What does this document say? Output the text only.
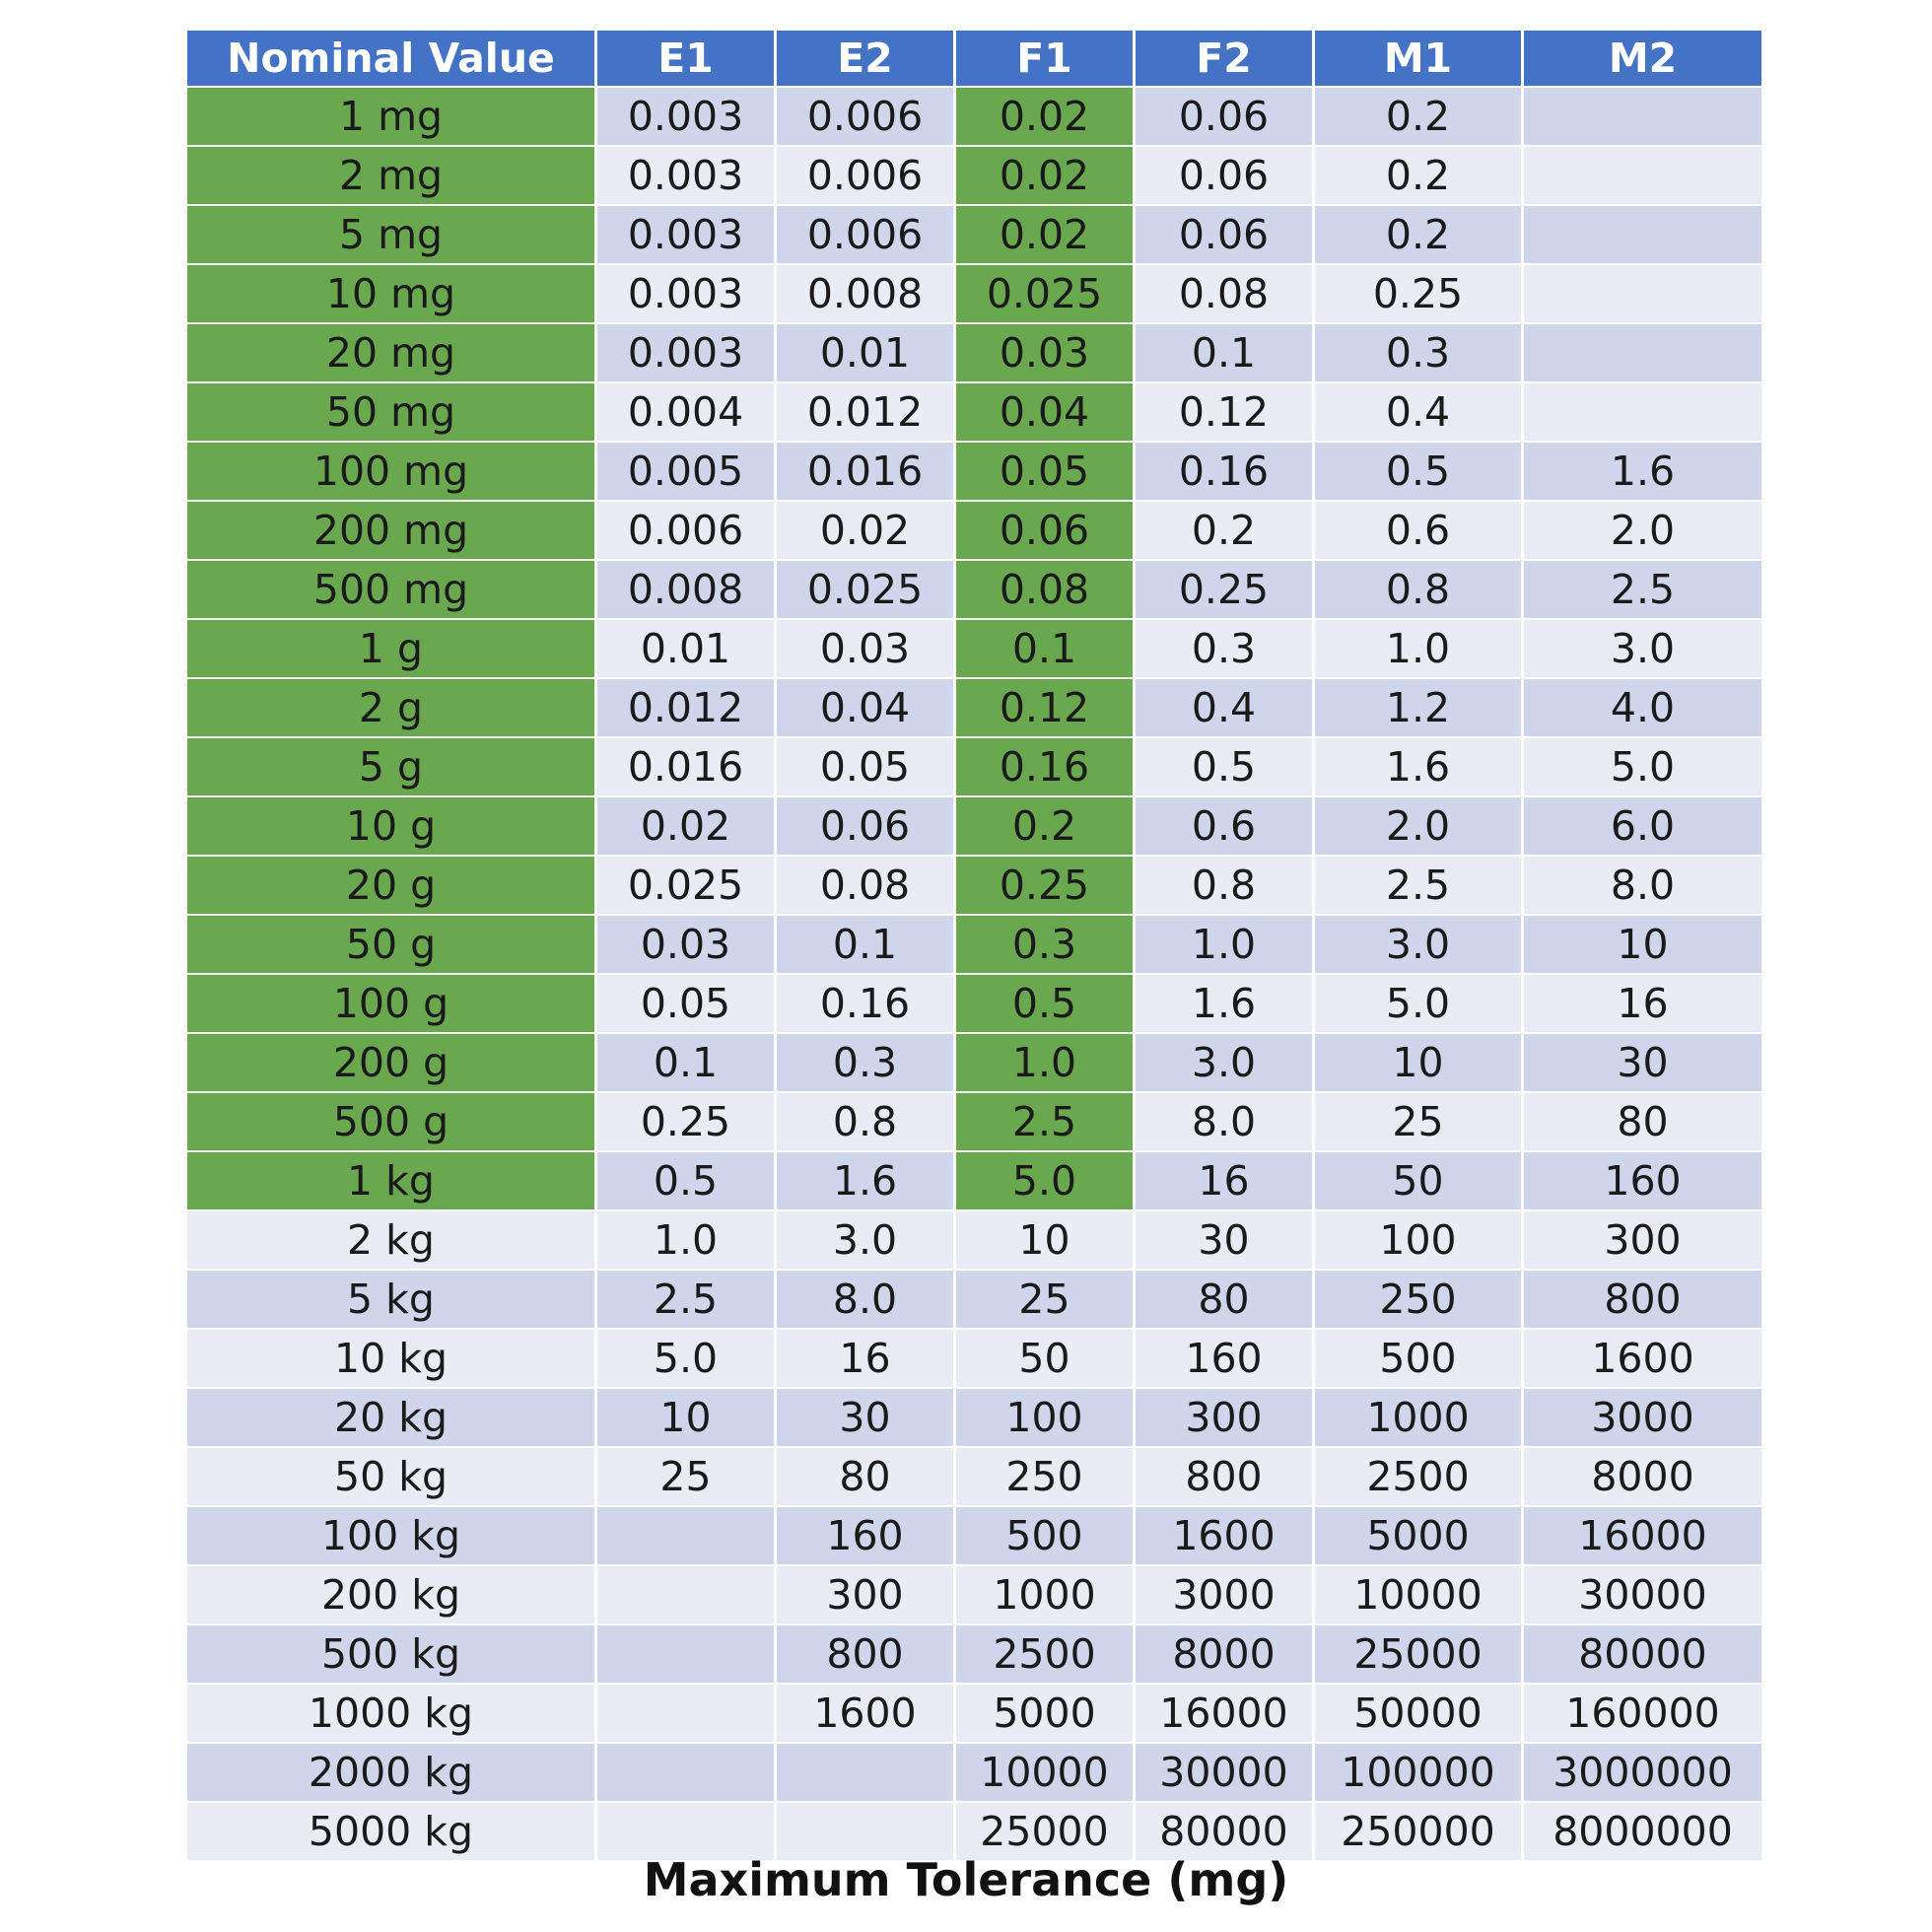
Nominal Value	E1	E2	F1	F2	M1	M2
1 mg	0.003	0.006	0.02	0.06	0.2	
2 mg	0.003	0.006	0.02	0.06	0.2	
5 mg	0.003	0.006	0.02	0.06	0.2	
10 mg	0.003	0.008	0.025	0.08	0.25	
20 mg	0.003	0.01	0.03	0.1	0.3	
50 mg	0.004	0.012	0.04	0.12	0.4	
100 mg	0.005	0.016	0.05	0.16	0.5	1.6
200 mg	0.006	0.02	0.06	0.2	0.6	2.0
500 mg	0.008	0.025	0.08	0.25	0.8	2.5
1 g	0.01	0.03	0.1	0.3	1.0	3.0
2 g	0.012	0.04	0.12	0.4	1.2	4.0
5 g	0.016	0.05	0.16	0.5	1.6	5.0
10 g	0.02	0.06	0.2	0.6	2.0	6.0
20 g	0.025	0.08	0.25	0.8	2.5	8.0
50 g	0.03	0.1	0.3	1.0	3.0	10
100 g	0.05	0.16	0.5	1.6	5.0	16
200 g	0.1	0.3	1.0	3.0	10	30
500 g	0.25	0.8	2.5	8.0	25	80
1 kg	0.5	1.6	5.0	16	50	160
2 kg	1.0	3.0	10	30	100	300
5 kg	2.5	8.0	25	80	250	800
10 kg	5.0	16	50	160	500	1600
20 kg	10	30	100	300	1000	3000
50 kg	25	80	250	800	2500	8000
100 kg		160	500	1600	5000	16000
200 kg		300	1000	3000	10000	30000
500 kg		800	2500	8000	25000	80000
1000 kg		1600	5000	16000	50000	160000
2000 kg			10000	30000	100000	3000000
5000 kg			25000	80000	250000	8000000
Maximum Tolerance (mg)
